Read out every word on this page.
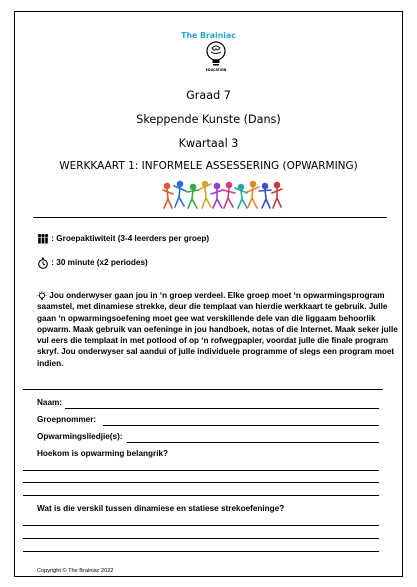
The Brainiac
EDUCATION
Graad 7
Skeppende Kunste (Dans)
Kwartaal 3
WERKKAART 1: INFORMELE ASSESSERING (OPWARMING)
: Groepaktiwiteit (3-4 leerders per groep)
: 30 minute (x2 periodes)
Jou onderwyser gaan jou in ‘n groep verdeel. Elke groep moet ‘n opwarmingsprogram saamstel, met dinamiese strekke, deur die templaat van hierdie werkkaart te gebruik. Julle gaan ‘n opwarmingsoefening moet gee wat verskillende dele van die liggaam behoorlik opwarm. Maak gebruik van oefeninge in jou handboek, notas of die Internet. Maak seker julle vul eers die templaat in met potlood of op ‘n rofwegpapier, voordat julle die finale program skryf. Jou onderwyser sal aandui of julle individuele programme of slegs een program moet indien.
Naam:
Groepnommer:
Opwarmingsliedjie(s):
Hoekom is opwarming belangrik?
Wat is die verskil tussen dinamiese en statiese strekoefeninge?
Copyright © The Brainiac 2022
